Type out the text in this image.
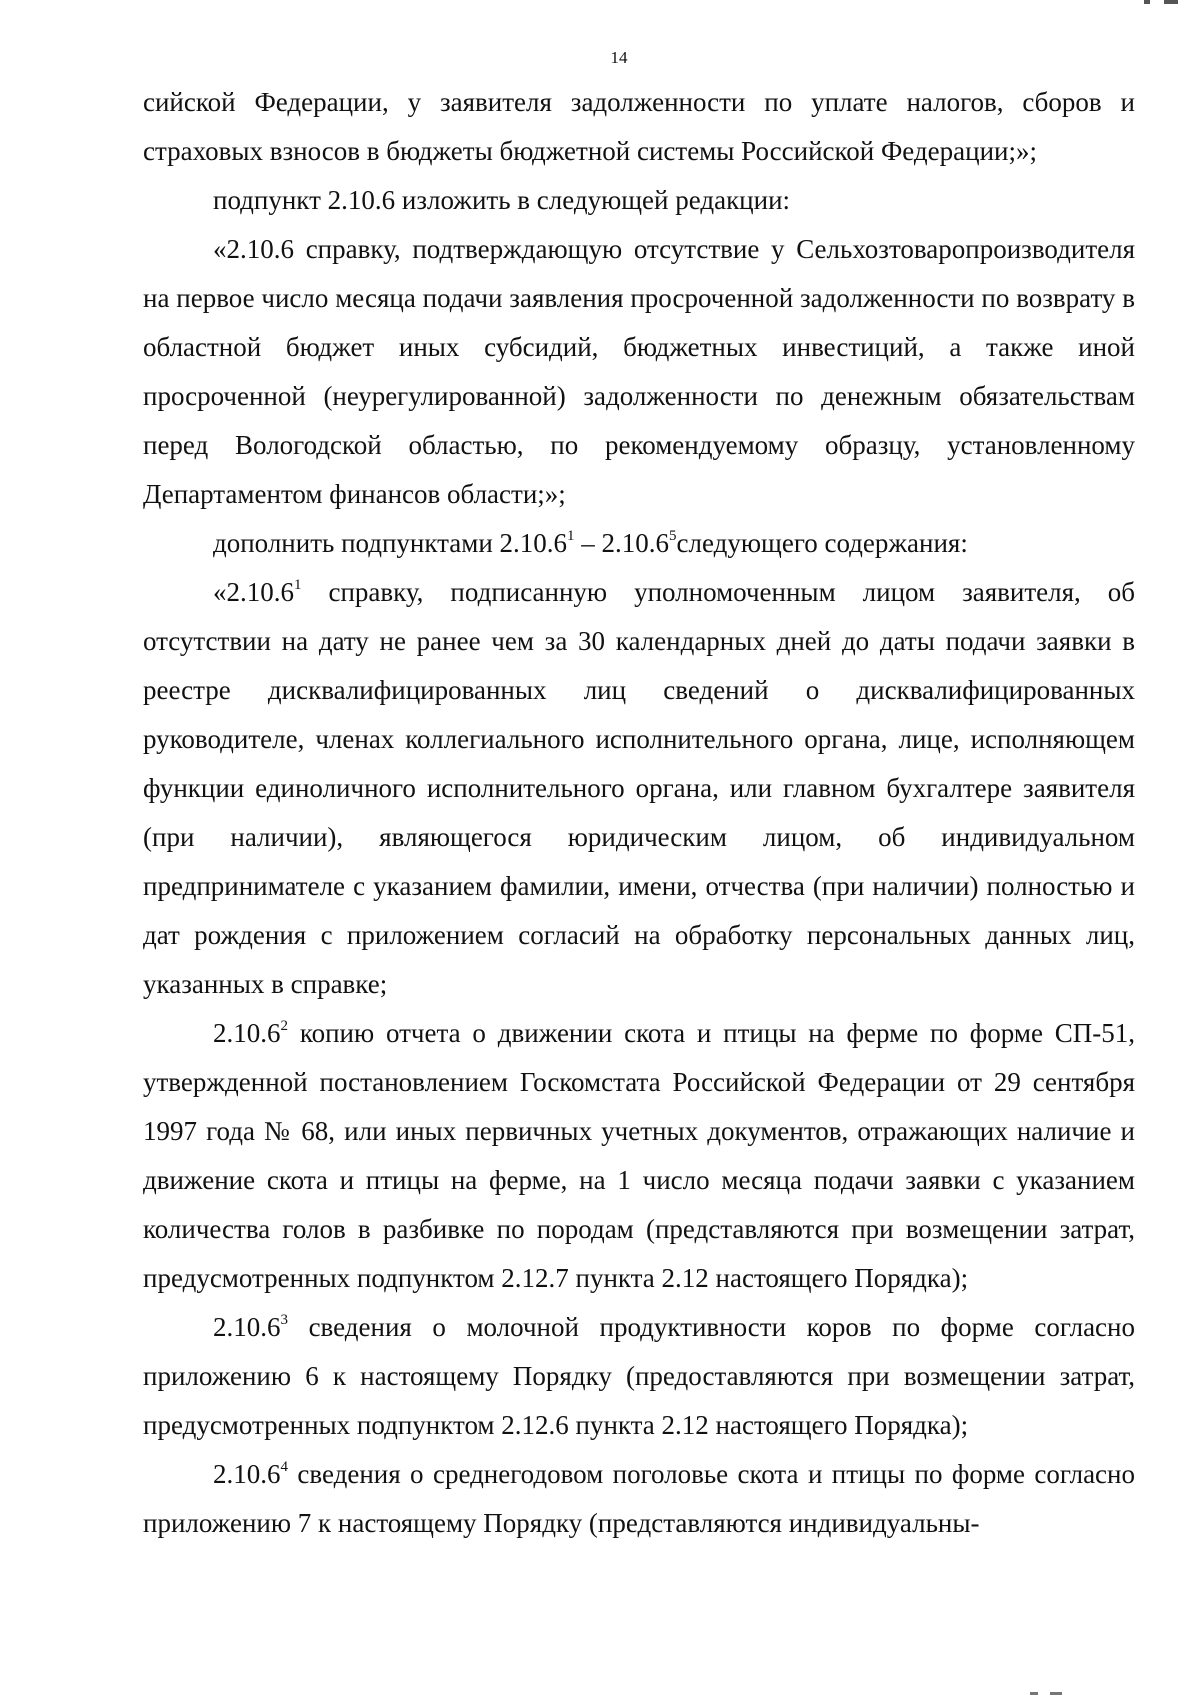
14

сийской Федерации, у заявителя задолженности по уплате налогов, сборов и страховых взносов в бюджеты бюджетной системы Российской Федерации;»;

подпункт 2.10.6 изложить в следующей редакции:

«2.10.6 справку, подтверждающую отсутствие у Сельхозтоваропроизводителя на первое число месяца подачи заявления просроченной задолженности по возврату в областной бюджет иных субсидий, бюджетных инвестиций, а также иной просроченной (неурегулированной) задолженности по денежным обязательствам перед Вологодской областью, по рекомендуемому образцу, установленному Департаментом финансов области;»;

дополнить подпунктами 2.10.6$^1$ – 2.10.6$^5$следующего содержания:

«2.10.6$^1$ справку, подписанную уполномоченным лицом заявителя, об отсутствии на дату не ранее чем за 30 календарных дней до даты подачи заявки в реестре дисквалифицированных лиц сведений о дисквалифицированных руководителе, членах коллегиального исполнительного органа, лице, исполняющем функции единоличного исполнительного органа, или главном бухгалтере заявителя (при наличии), являющегося юридическим лицом, об индивидуальном предпринимателе с указанием фамилии, имени, отчества (при наличии) полностью и дат рождения с приложением согласий на обработку персональных данных лиц, указанных в справке;

2.10.6$^2$ копию отчета о движении скота и птицы на ферме по форме СП-51, утвержденной постановлением Госкомстата Российской Федерации от 29 сентября 1997 года № 68, или иных первичных учетных документов, отражающих наличие и движение скота и птицы на ферме, на 1 число месяца подачи заявки с указанием количества голов в разбивке по породам (представляются при возмещении затрат, предусмотренных подпунктом 2.12.7 пункта 2.12 настоящего Порядка);

2.10.6$^3$ сведения о молочной продуктивности коров по форме согласно приложению 6 к настоящему Порядку (предоставляются при возмещении затрат, предусмотренных подпунктом 2.12.6 пункта 2.12 настоящего Порядка);

2.10.6$^4$ сведения о среднегодовом поголовье скота и птицы по форме согласно приложению 7 к настоящему Порядку (представляются индивидуальны-
